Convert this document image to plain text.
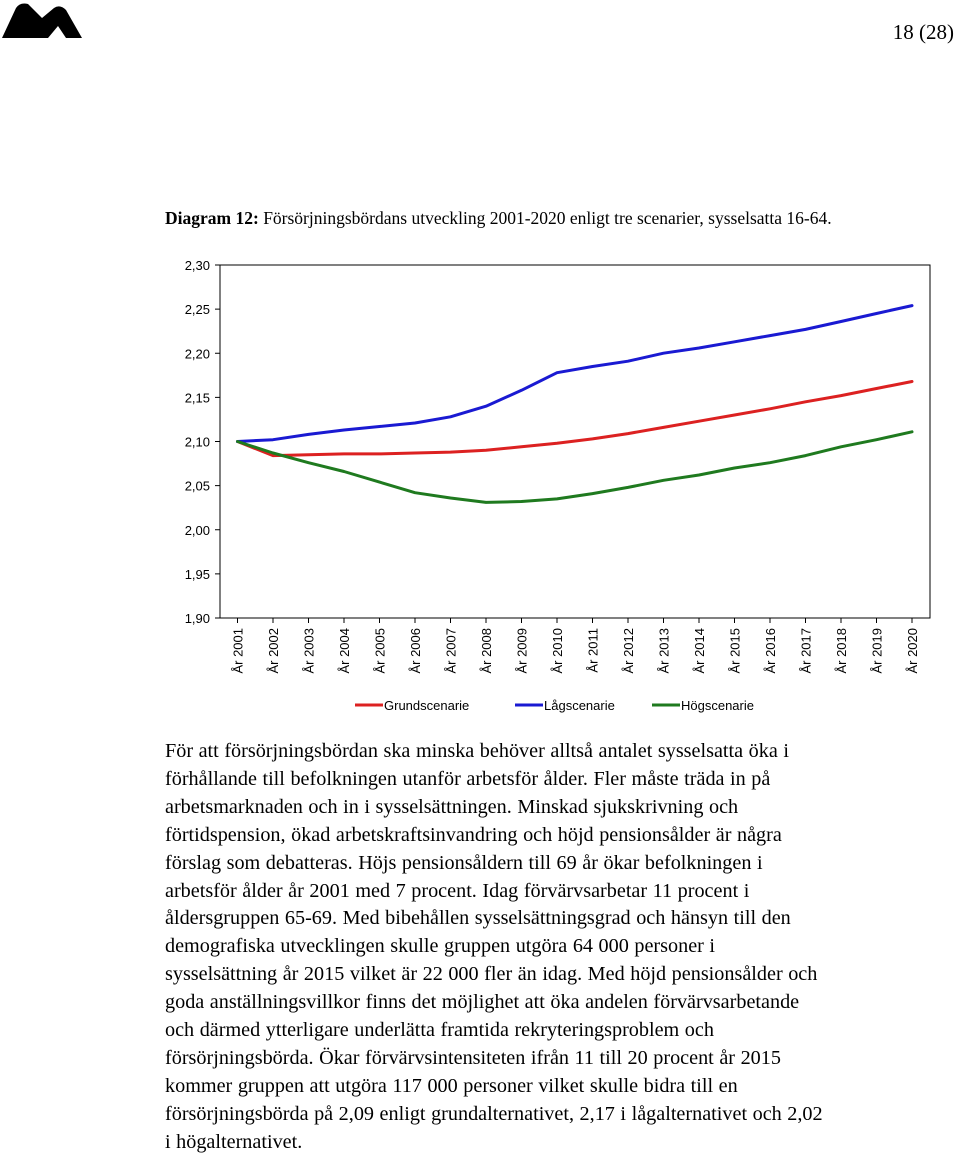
18 (28)
Diagram 12: Försörjningsbördans utveckling 2001-2020 enligt tre scenarier, sysselsatta 16-64.
2,30
2,25
2,20
2,15
2,10
2,05
2,00
1,95
1,90
År 2001 År 2002 År 2003 År 2004 År 2005 År 2006 År 2007 År 2008 År 2009 År 2010 År 2011 År 2012 År 2013 År 2014 År 2015 År 2016 År 2017 År 2018 År 2019 År 2020
Grundscenarie	Lågscenarie	Högscenarie
För att försörjningsbördan ska minska behöver alltså antalet sysselsatta öka i
förhållande till befolkningen utanför arbetsför ålder. Fler måste träda in på
arbetsmarknaden och in i sysselsättningen. Minskad sjukskrivning och
förtidspension, ökad arbetskraftsinvandring och höjd pensionsålder är några
förslag som debatteras. Höjs pensionsåldern till 69 år ökar befolkningen i
arbetsför ålder år 2001 med 7 procent. Idag förvärvsarbetar 11 procent i
åldersgruppen 65-69. Med bibehållen sysselsättningsgrad och hänsyn till den
demografiska utvecklingen skulle gruppen utgöra 64 000 personer i
sysselsättning år 2015 vilket är 22 000 fler än idag. Med höjd pensionsålder och
goda anställningsvillkor finns det möjlighet att öka andelen förvärvsarbetande
och därmed ytterligare underlätta framtida rekryteringsproblem och
försörjningsbörda. Ökar förvärvsintensiteten ifrån 11 till 20 procent år 2015
kommer gruppen att utgöra 117 000 personer vilket skulle bidra till en
försörjningsbörda på 2,09 enligt grundalternativet, 2,17 i lågalternativet och 2,02
i högalternativet.
